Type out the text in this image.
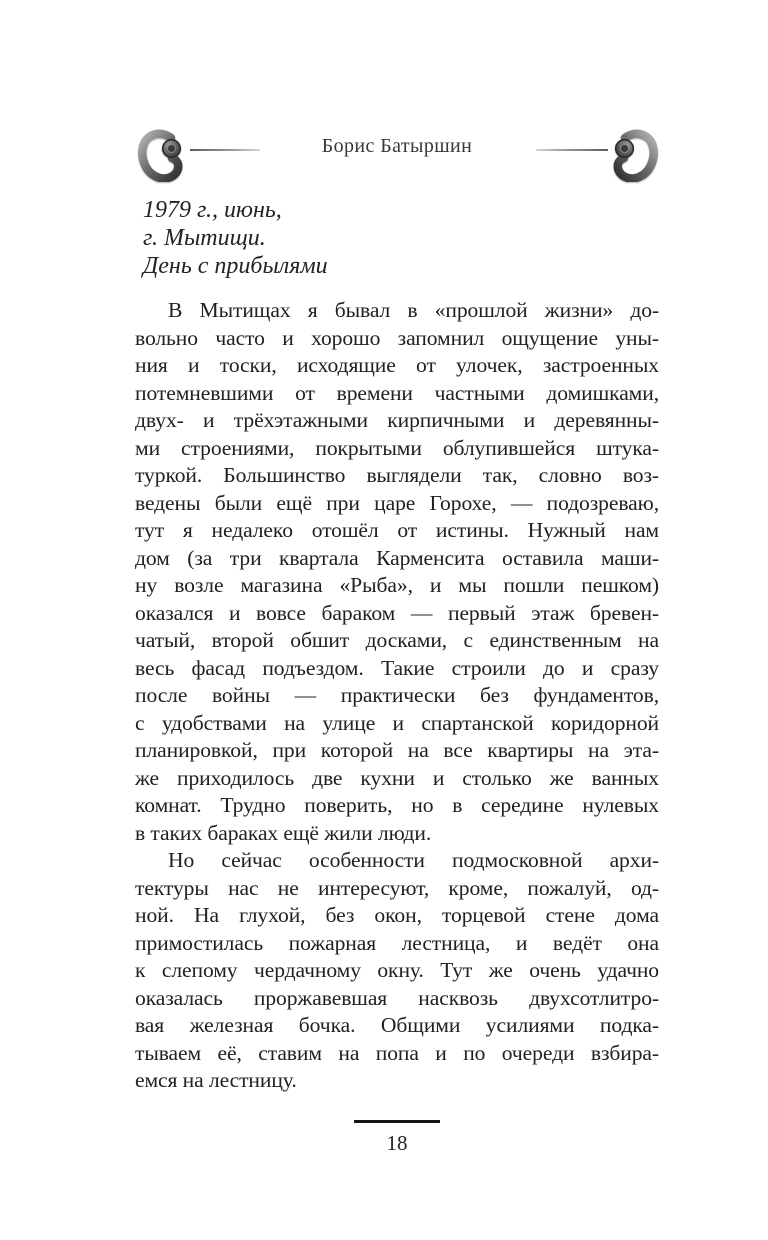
Борис Батыршин
1979 г., июнь,
г. Мытищи.
День с прибылями
В Мытищах я бывал в «прошлой жизни» до-
вольно часто и хорошо запомнил ощущение уны-
ния и тоски, исходящие от улочек, застроенных
потемневшими от времени частными домишками,
двух- и трёхэтажными кирпичными и деревянны-
ми строениями, покрытыми облупившейся штука-
туркой. Большинство выглядели так, словно воз-
ведены были ещё при царе Горохе, — подозреваю,
тут я недалеко отошёл от истины. Нужный нам
дом (за три квартала Карменсита оставила маши-
ну возле магазина «Рыба», и мы пошли пешком)
оказался и вовсе бараком — первый этаж бревен-
чатый, второй обшит досками, с единственным на
весь фасад подъездом. Такие строили до и сразу
после войны — практически без фундаментов,
с удобствами на улице и спартанской коридорной
планировкой, при которой на все квартиры на эта-
же приходилось две кухни и столько же ванных
комнат. Трудно поверить, но в середине нулевых
в таких бараках ещё жили люди.
Но сейчас особенности подмосковной архи-
тектуры нас не интересуют, кроме, пожалуй, од-
ной. На глухой, без окон, торцевой стене дома
примостилась пожарная лестница, и ведёт она
к слепому чердачному окну. Тут же очень удачно
оказалась проржавевшая насквозь двухсотлитро-
вая железная бочка. Общими усилиями подка-
тываем её, ставим на попа и по очереди взбира-
емся на лестницу.
18
